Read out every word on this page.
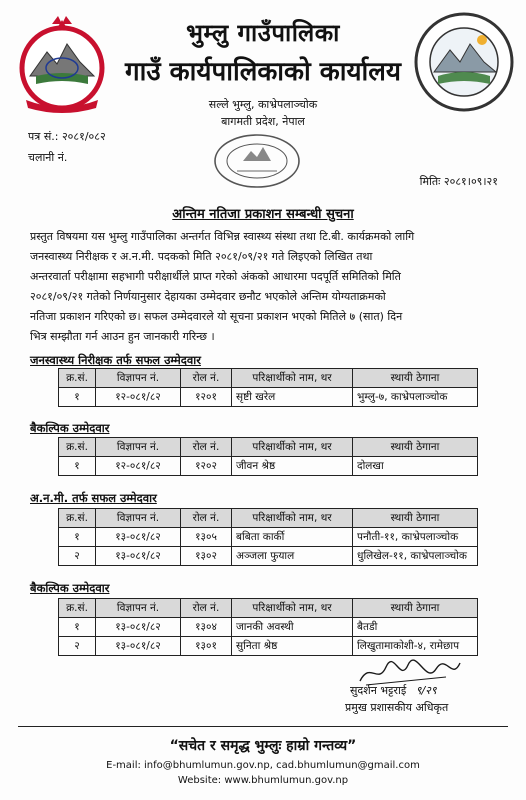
भुम्लु गाउँपालिका
गाउँ कार्यपालिकाको कार्यालय
सल्ले भुम्लु, काभ्रेपलाञ्चोक
बागमती प्रदेश, नेपाल
पत्र सं.: २०८१/०८२
चलानी नं.
मितिः २०८१।०९।२१
अन्तिम नतिजा प्रकाशन सम्बन्धी सुचना
प्रस्तुत विषयमा यस भुम्लु गाउँपालिका अन्तर्गत विभिन्न स्वास्थ्य संस्था तथा टि.बी. कार्यक्रमको लागि
जनस्वास्थ्य निरीक्षक र अ.न.मी. पदकको मिति २०८१/०९/२१ गते लिइएको लिखित तथा
अन्तरवार्ता परीक्षामा सहभागी परीक्षार्थीले प्राप्त गरेको अंकको आधारमा पदपूर्ति समितिको मिति
२०८१/०९/२१ गतेको निर्णयानुसार देहायका उम्मेदवार छनौट भएकोले अन्तिम योग्यताक्रमको
नतिजा प्रकाशन गरिएको छ। सफल उम्मेदवारले यो सूचना प्रकाशन भएको मितिले ७ (सात) दिन
भित्र सम्झौता गर्न आउन हुन जानकारी गरिन्छ ।
जनस्वास्थ्य निरीक्षक तर्फ सफल उम्मेदवार
क्र.सं.	विज्ञापन नं.	रोल नं.	परिक्षार्थीको नाम, थर	स्थायी ठेगाना
१	१२-०८१/८२	१२०१	सृष्टी खरेल	भुम्लु-७, काभ्रेपलाञ्चोक
बैकल्पिक उम्मेदवार
क्र.सं.	विज्ञापन नं.	रोल नं.	परिक्षार्थीको नाम, थर	स्थायी ठेगाना
१	१२-०८१/८२	१२०२	जीवन श्रेष्ठ	दोलखा
अ.न.मी. तर्फ सफल उम्मेदवार
क्र.सं.	विज्ञापन नं.	रोल नं.	परिक्षार्थीको नाम, थर	स्थायी ठेगाना
१	१३-०८१/८२	१३०५	बबिता कार्की	पनौती-११, काभ्रेपलाञ्चोक
२	१३-०८१/८२	१३०२	अञ्जला फुयाल	धुलिखेल-११, काभ्रेपलाञ्चोक
बैकल्पिक उम्मेदवार
क्र.सं.	विज्ञापन नं.	रोल नं.	परिक्षार्थीको नाम, थर	स्थायी ठेगाना
१	१३-०८१/८२	१३०४	जानकी अवस्थी	बैतडी
२	१३-०८१/८२	१३०१	सुनिता श्रेष्ठ	लिखुतामाकोशी-४, रामेछाप
सुदर्शन भट्टराई ९/२९
प्रमुख प्रशासकीय अधिकृत
“सचेत र समृद्ध भुम्लुः हाम्रो गन्तव्य”
E-mail: info@bhumlumun.gov.np, cad.bhumlumun@gmail.com
Website: www.bhumlumun.gov.np
